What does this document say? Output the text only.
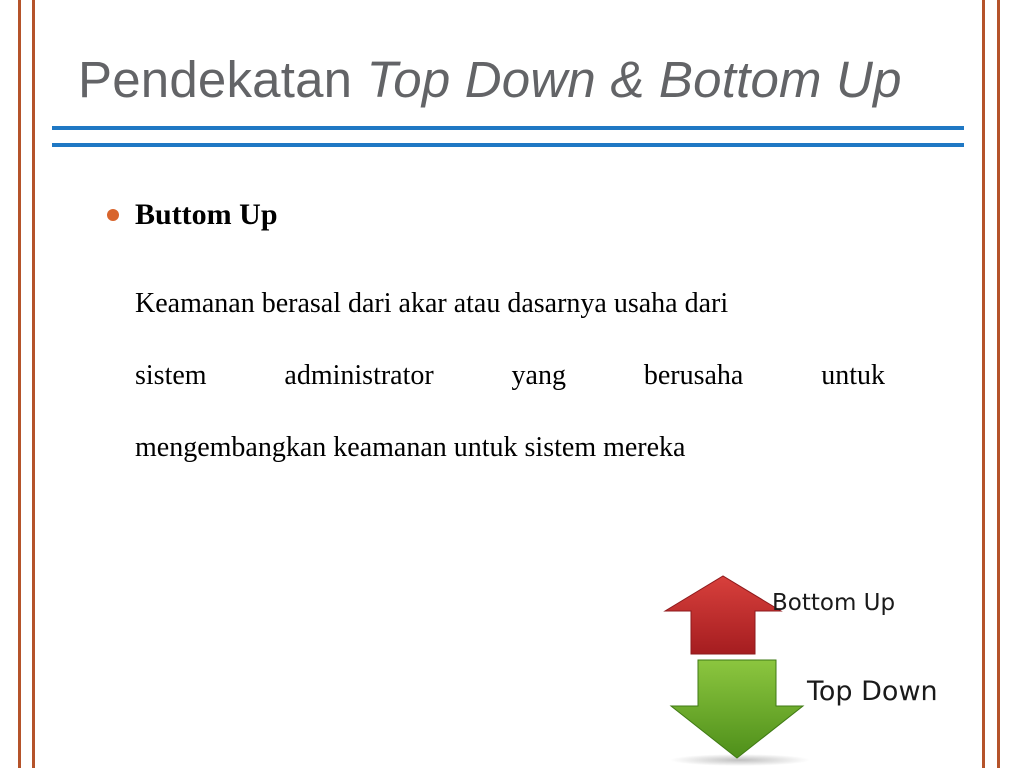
Pendekatan Top Down & Bottom Up
Buttom Up
Keamanan berasal dari akar atau dasarnya usaha dari
sistem	administrator	yang	berusaha	untuk
mengembangkan keamanan untuk sistem mereka
Bottom Up
Top Down
